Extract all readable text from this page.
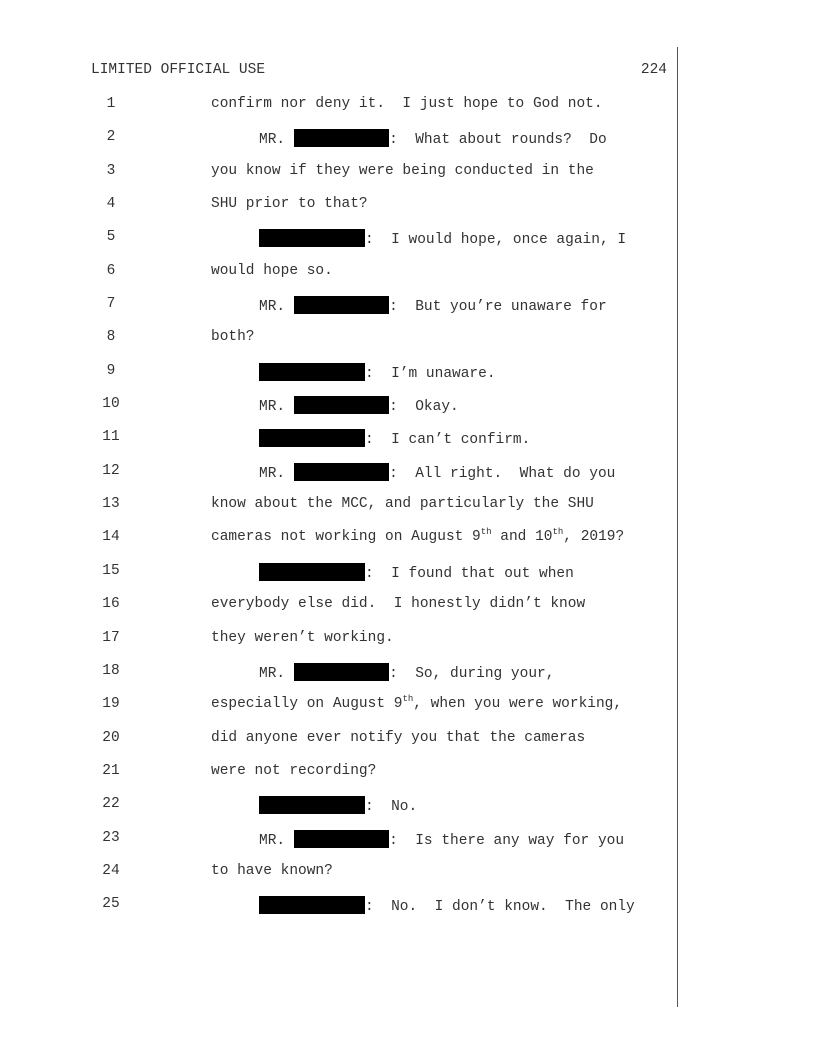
LIMITED OFFICIAL USE	224
1	confirm nor deny it.  I just hope to God not.
2	MR.	:  What about rounds?  Do
3	you know if they were being conducted in the
4	SHU prior to that?
5	:  I would hope, once again, I
6	would hope so.
7	MR.	:  But you’re unaware for
8	both?
9	:  I’m unaware.
10	MR.	:  Okay.
11	:  I can’t confirm.
12	MR.	:  All right.  What do you
13	know about the MCC, and particularly the SHU
14	cameras not working on August 9th and 10th, 2019?
15	:  I found that out when
16	everybody else did.  I honestly didn’t know
17	they weren’t working.
18	MR.	:  So, during your,
19	especially on August 9th, when you were working,
20	did anyone ever notify you that the cameras
21	were not recording?
22	:  No.
23	MR.	:  Is there any way for you
24	to have known?
25	:  No.  I don’t know.  The only
